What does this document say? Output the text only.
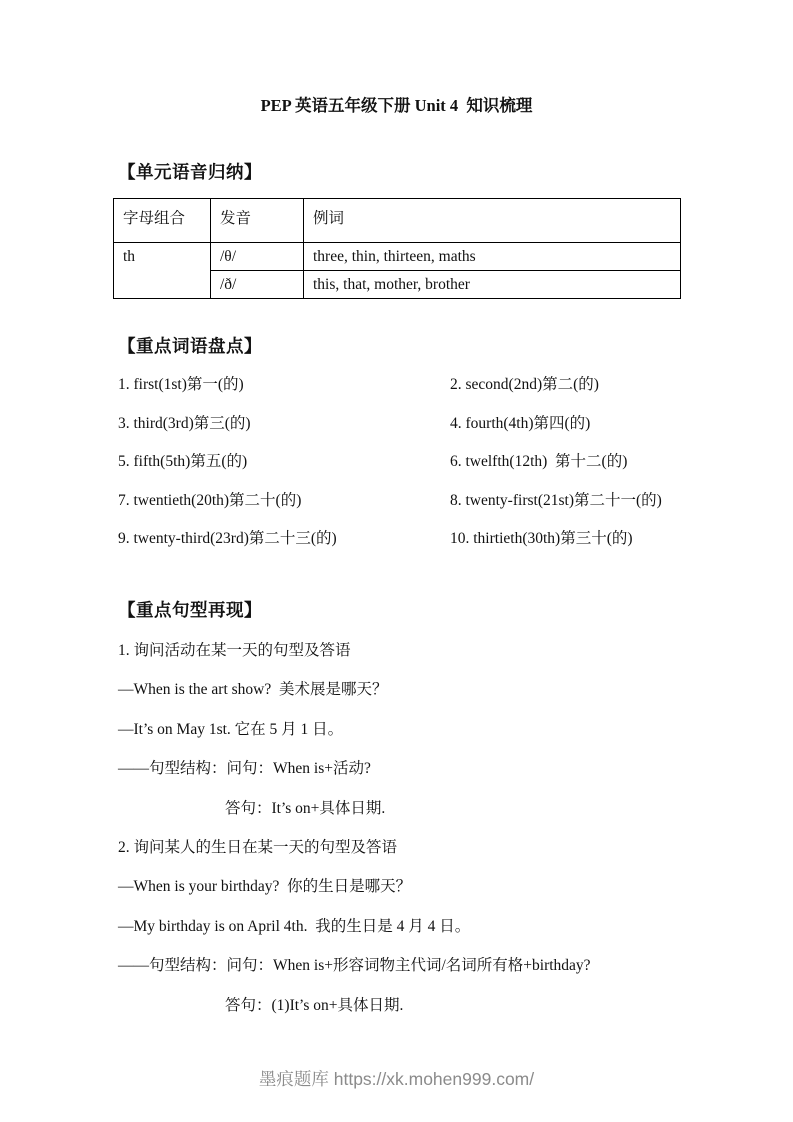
PEP 英语五年级下册 Unit 4  知识梳理
【单元语音归纳】
字母组合	发音	例词
th	/θ/	three, thin, thirteen, maths
	/ð/	this, that, mother, brother
【重点词语盘点】
1. first(1st)第一(的)	2. second(2nd)第二(的)
3. third(3rd)第三(的)	4. fourth(4th)第四(的)
5. fifth(5th)第五(的)	6. twelfth(12th)  第十二(的)
7. twentieth(20th)第二十(的)	8. twenty-first(21st)第二十一(的)
9. twenty-third(23rd)第二十三(的)	10. thirtieth(30th)第三十(的)
【重点句型再现】
1. 询问活动在某一天的句型及答语
—When is the art show?  美术展是哪天？
—It’s on May 1st. 它在 5 月 1 日。
——句型结构：问句：When is+活动?
答句：It’s on+具体日期.
2. 询问某人的生日在某一天的句型及答语
—When is your birthday?  你的生日是哪天？
—My birthday is on April 4th.  我的生日是 4 月 4 日。
——句型结构：问句：When is+形容词物主代词/名词所有格+birthday?
答句：(1)It’s on+具体日期.
墨痕题库 https://xk.mohen999.com/
